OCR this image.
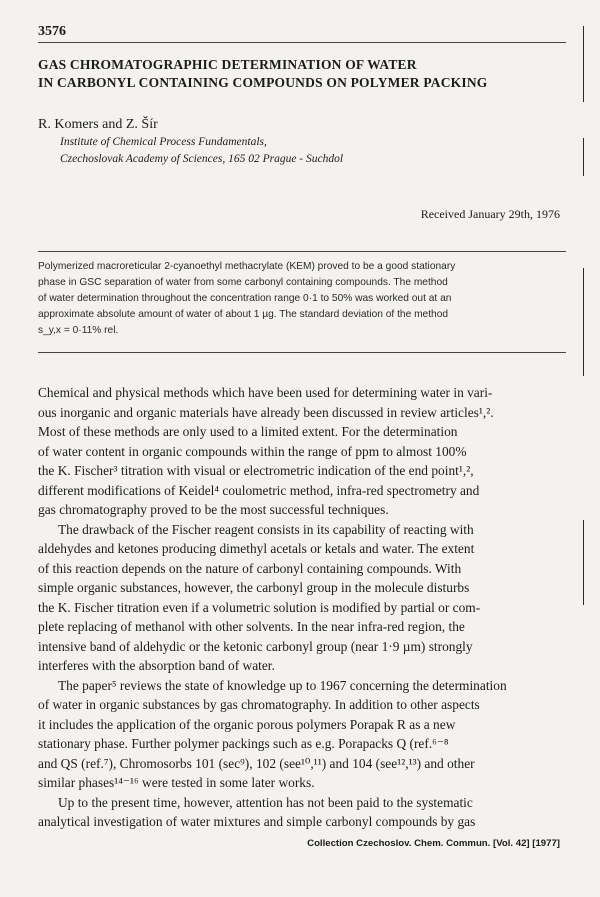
3576
GAS CHROMATOGRAPHIC DETERMINATION OF WATER
IN CARBONYL CONTAINING COMPOUNDS ON POLYMER PACKING
R. Komers and Z. Šír
Institute of Chemical Process Fundamentals,
Czechoslovak Academy of Sciences, 165 02 Prague - Suchdol
Received January 29th, 1976
Polymerized macroreticular 2-cyanoethyl methacrylate (KEM) proved to be a good stationary
phase in GSC separation of water from some carbonyl containing compounds. The method
of water determination throughout the concentration range 0·1 to 50% was worked out at an
approximate absolute amount of water of about 1 µg. The standard deviation of the method
s_y,x = 0·11% rel.
Chemical and physical methods which have been used for determining water in vari-
ous inorganic and organic materials have already been discussed in review articles¹,².
Most of these methods are only used to a limited extent. For the determination
of water content in organic compounds within the range of ppm to almost 100%
the K. Fischer³ titration with visual or electrometric indication of the end point¹,²,
different modifications of Keidel⁴ coulometric method, infra-red spectrometry and
gas chromatography proved to be the most successful techniques.
The drawback of the Fischer reagent consists in its capability of reacting with
aldehydes and ketones producing dimethyl acetals or ketals and water. The extent
of this reaction depends on the nature of carbonyl containing compounds. With
simple organic substances, however, the carbonyl group in the molecule disturbs
the K. Fischer titration even if a volumetric solution is modified by partial or com-
plete replacing of methanol with other solvents. In the near infra-red region, the
intensive band of aldehydic or the ketonic carbonyl group (near 1·9 µm) strongly
interferes with the absorption band of water.
The paper⁵ reviews the state of knowledge up to 1967 concerning the determination
of water in organic substances by gas chromatography. In addition to other aspects
it includes the application of the organic porous polymers Porapak R as a new
stationary phase. Further polymer packings such as e.g. Porapacks Q (ref.⁶⁻⁸
and QS (ref.⁷), Chromosorbs 101 (sec⁹), 102 (see¹⁰,¹¹) and 104 (see¹²,¹³) and other
similar phases¹⁴⁻¹⁶ were tested in some later works.
Up to the present time, however, attention has not been paid to the systematic
analytical investigation of water mixtures and simple carbonyl compounds by gas
Collection Czechoslov. Chem. Commun. [Vol. 42] [1977]
